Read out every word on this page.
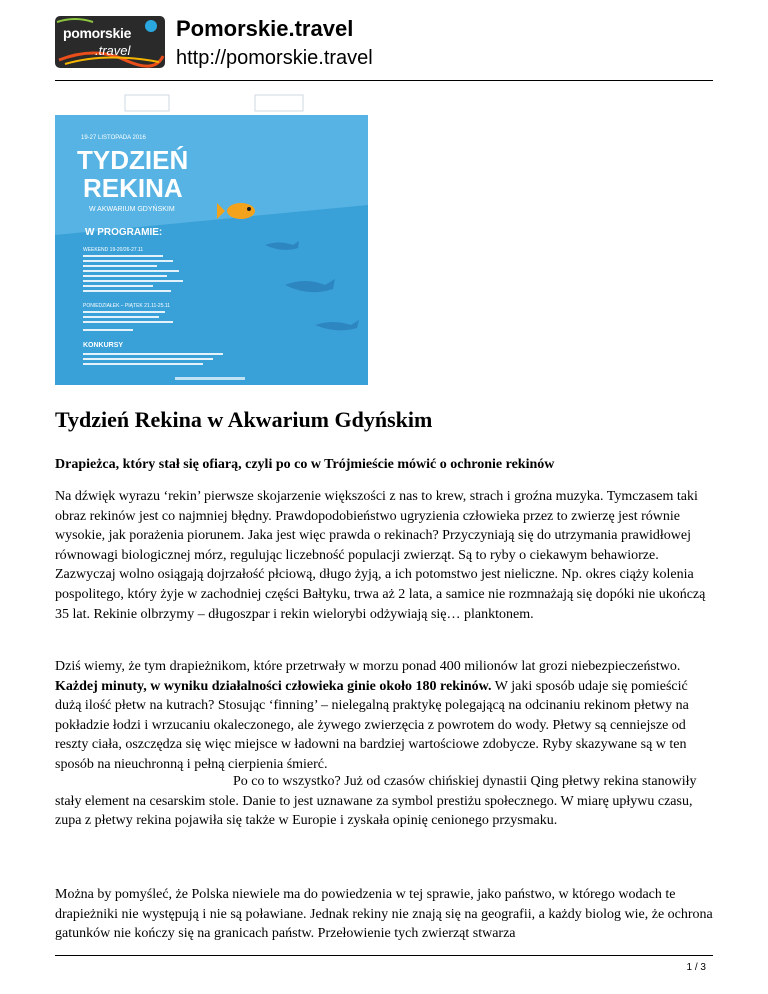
pomorskie
.travel
Pomorskie.travel
http://pomorskie.travel
19-27 LISTOPADA 2016
TYDZIEŃ
REKINA
W AKWARIUM GDYŃSKIM
W PROGRAMIE:
WEEKEND 19-20/26-27.11
PONIEDZIAŁEK – PIĄTEK 21.11-25.11
KONKURSY
Tydzień Rekina w Akwarium Gdyńskim

Drapieżca, który stał się ofiarą, czyli po co w Trójmieście mówić o ochronie rekinów

Na dźwięk wyrazu ‘rekin’ pierwsze skojarzenie większości z nas to krew, strach i groźna muzyka. Tymczasem taki obraz rekinów jest co najmniej błędny. Prawdopodobieństwo ugryzienia człowieka przez to zwierzę jest równie wysokie, jak porażenia piorunem. Jaka jest więc prawda o rekinach? Przyczyniają się do utrzymania prawidłowej równowagi biologicznej mórz, regulując liczebność populacji zwierząt. Są to ryby o ciekawym behawiorze. Zazwyczaj wolno osiągają dojrzałość płciową, długo żyją, a ich potomstwo jest nieliczne. Np. okres ciąży kolenia pospolitego, który żyje w zachodniej części Bałtyku, trwa aż 2 lata, a samice nie rozmnażają się dopóki nie ukończą 35 lat. Rekinie olbrzymy – długoszpar i rekin wielorybi odżywiają się… planktonem.

Dziś wiemy, że tym drapieżnikom, które przetrwały w morzu ponad 400 milionów lat grozi niebezpieczeństwo. Każdej minuty, w wyniku działalności człowieka ginie około 180 rekinów. W jaki sposób udaje się pomieścić dużą ilość płetw na kutrach? Stosując ‘finning’ – nielegalną praktykę polegającą na odcinaniu rekinom płetwy na pokładzie łodzi i wrzucaniu okaleczonego, ale żywego zwierzęcia z powrotem do wody. Płetwy są cenniejsze od reszty ciała, oszczędza się więc miejsce w ładowni na bardziej wartościowe zdobycze. Ryby skazywane są w ten sposób na nieuchronną i pełną cierpienia śmierć.

Po co to wszystko? Już od czasów chińskiej dynastii Qing płetwy rekina stanowiły stały element na cesarskim stole. Danie to jest uznawane za symbol prestiżu społecznego. W miarę upływu czasu, zupa z płetwy rekina pojawiła się także w Europie i zyskała opinię cenionego przysmaku.

Można by pomyśleć, że Polska niewiele ma do powiedzenia w tej sprawie, jako państwo, w którego wodach te drapieżniki nie występują i nie są poławiane. Jednak rekiny nie znają się na geografii, a każdy biolog wie, że ochrona gatunków nie kończy się na granicach państw. Przełowienie tych zwierząt stwarza

1 / 3
